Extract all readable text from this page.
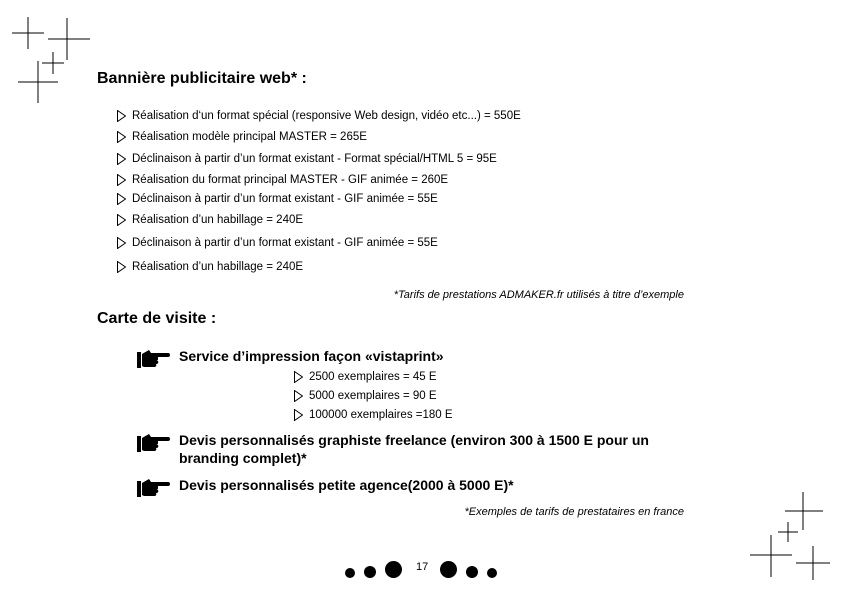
Bannière publicitaire web* :
Réalisation d‘un format spécial (responsive Web design, vidéo etc...) = 550E
Réalisation modèle principal MASTER = 265E
Déclinaison à partir d’un format existant - Format spécial/HTML 5 = 95E
Réalisation du format principal MASTER - GIF animée = 260E
Déclinaison à partir d’un format existant - GIF animée = 55E
Réalisation d’un habillage = 240E
Déclinaison à partir d’un format existant - GIF animée = 55E
Réalisation d’un habillage = 240E
*Tarifs de prestations ADMAKER.fr utilisés à titre d’exemple
Carte de visite :
Service d’impression façon «vistaprint»
2500 exemplaires = 45 E
5000 exemplaires = 90 E
100000 exemplaires =180 E
Devis personnalisés graphiste freelance (environ 300 à 1500 E pour un branding complet)*
Devis personnalisés petite agence(2000 à 5000 E)*
*Exemples de tarifs de prestataires en france
17
